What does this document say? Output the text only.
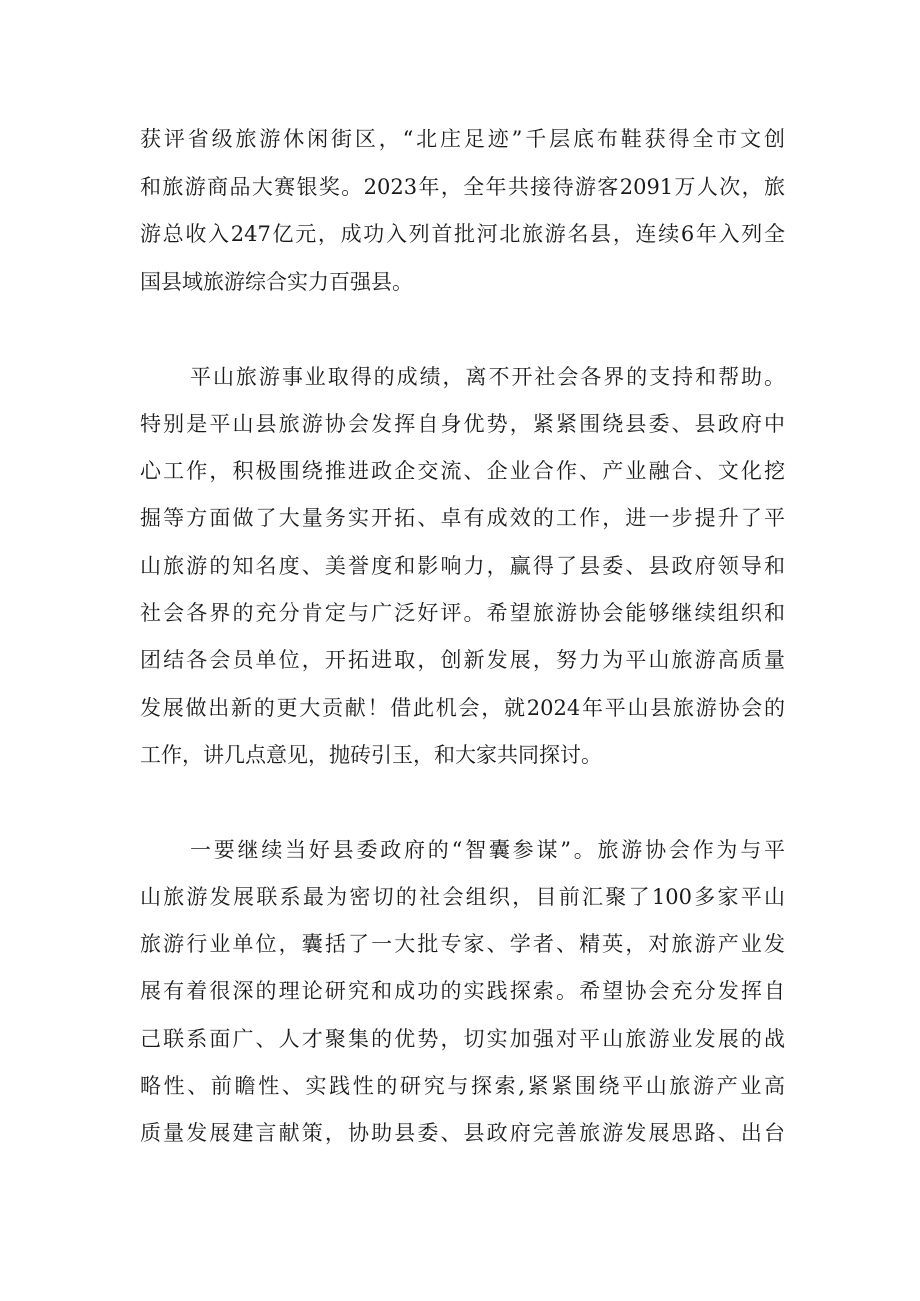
获评省级旅游休闲街区，“北庄足迹”千层底布鞋获得全市文创
和旅游商品大赛银奖。2023年，全年共接待游客2091万人次，旅
游总收入247亿元，成功入列首批河北旅游名县，连续6年入列全
国县域旅游综合实力百强县。
平山旅游事业取得的成绩，离不开社会各界的支持和帮助。
特别是平山县旅游协会发挥自身优势，紧紧围绕县委、县政府中
心工作，积极围绕推进政企交流、企业合作、产业融合、文化挖
掘等方面做了大量务实开拓、卓有成效的工作，进一步提升了平
山旅游的知名度、美誉度和影响力，赢得了县委、县政府领导和
社会各界的充分肯定与广泛好评。希望旅游协会能够继续组织和
团结各会员单位，开拓进取，创新发展，努力为平山旅游高质量
发展做出新的更大贡献！借此机会，就2024年平山县旅游协会的
工作，讲几点意见，抛砖引玉，和大家共同探讨。
一要继续当好县委政府的“智囊参谋”。旅游协会作为与平
山旅游发展联系最为密切的社会组织，目前汇聚了100多家平山
旅游行业单位，囊括了一大批专家、学者、精英，对旅游产业发
展有着很深的理论研究和成功的实践探索。希望协会充分发挥自
己联系面广、人才聚集的优势，切实加强对平山旅游业发展的战
略性、前瞻性、实践性的研究与探索,紧紧围绕平山旅游产业高
质量发展建言献策，协助县委、县政府完善旅游发展思路、出台
